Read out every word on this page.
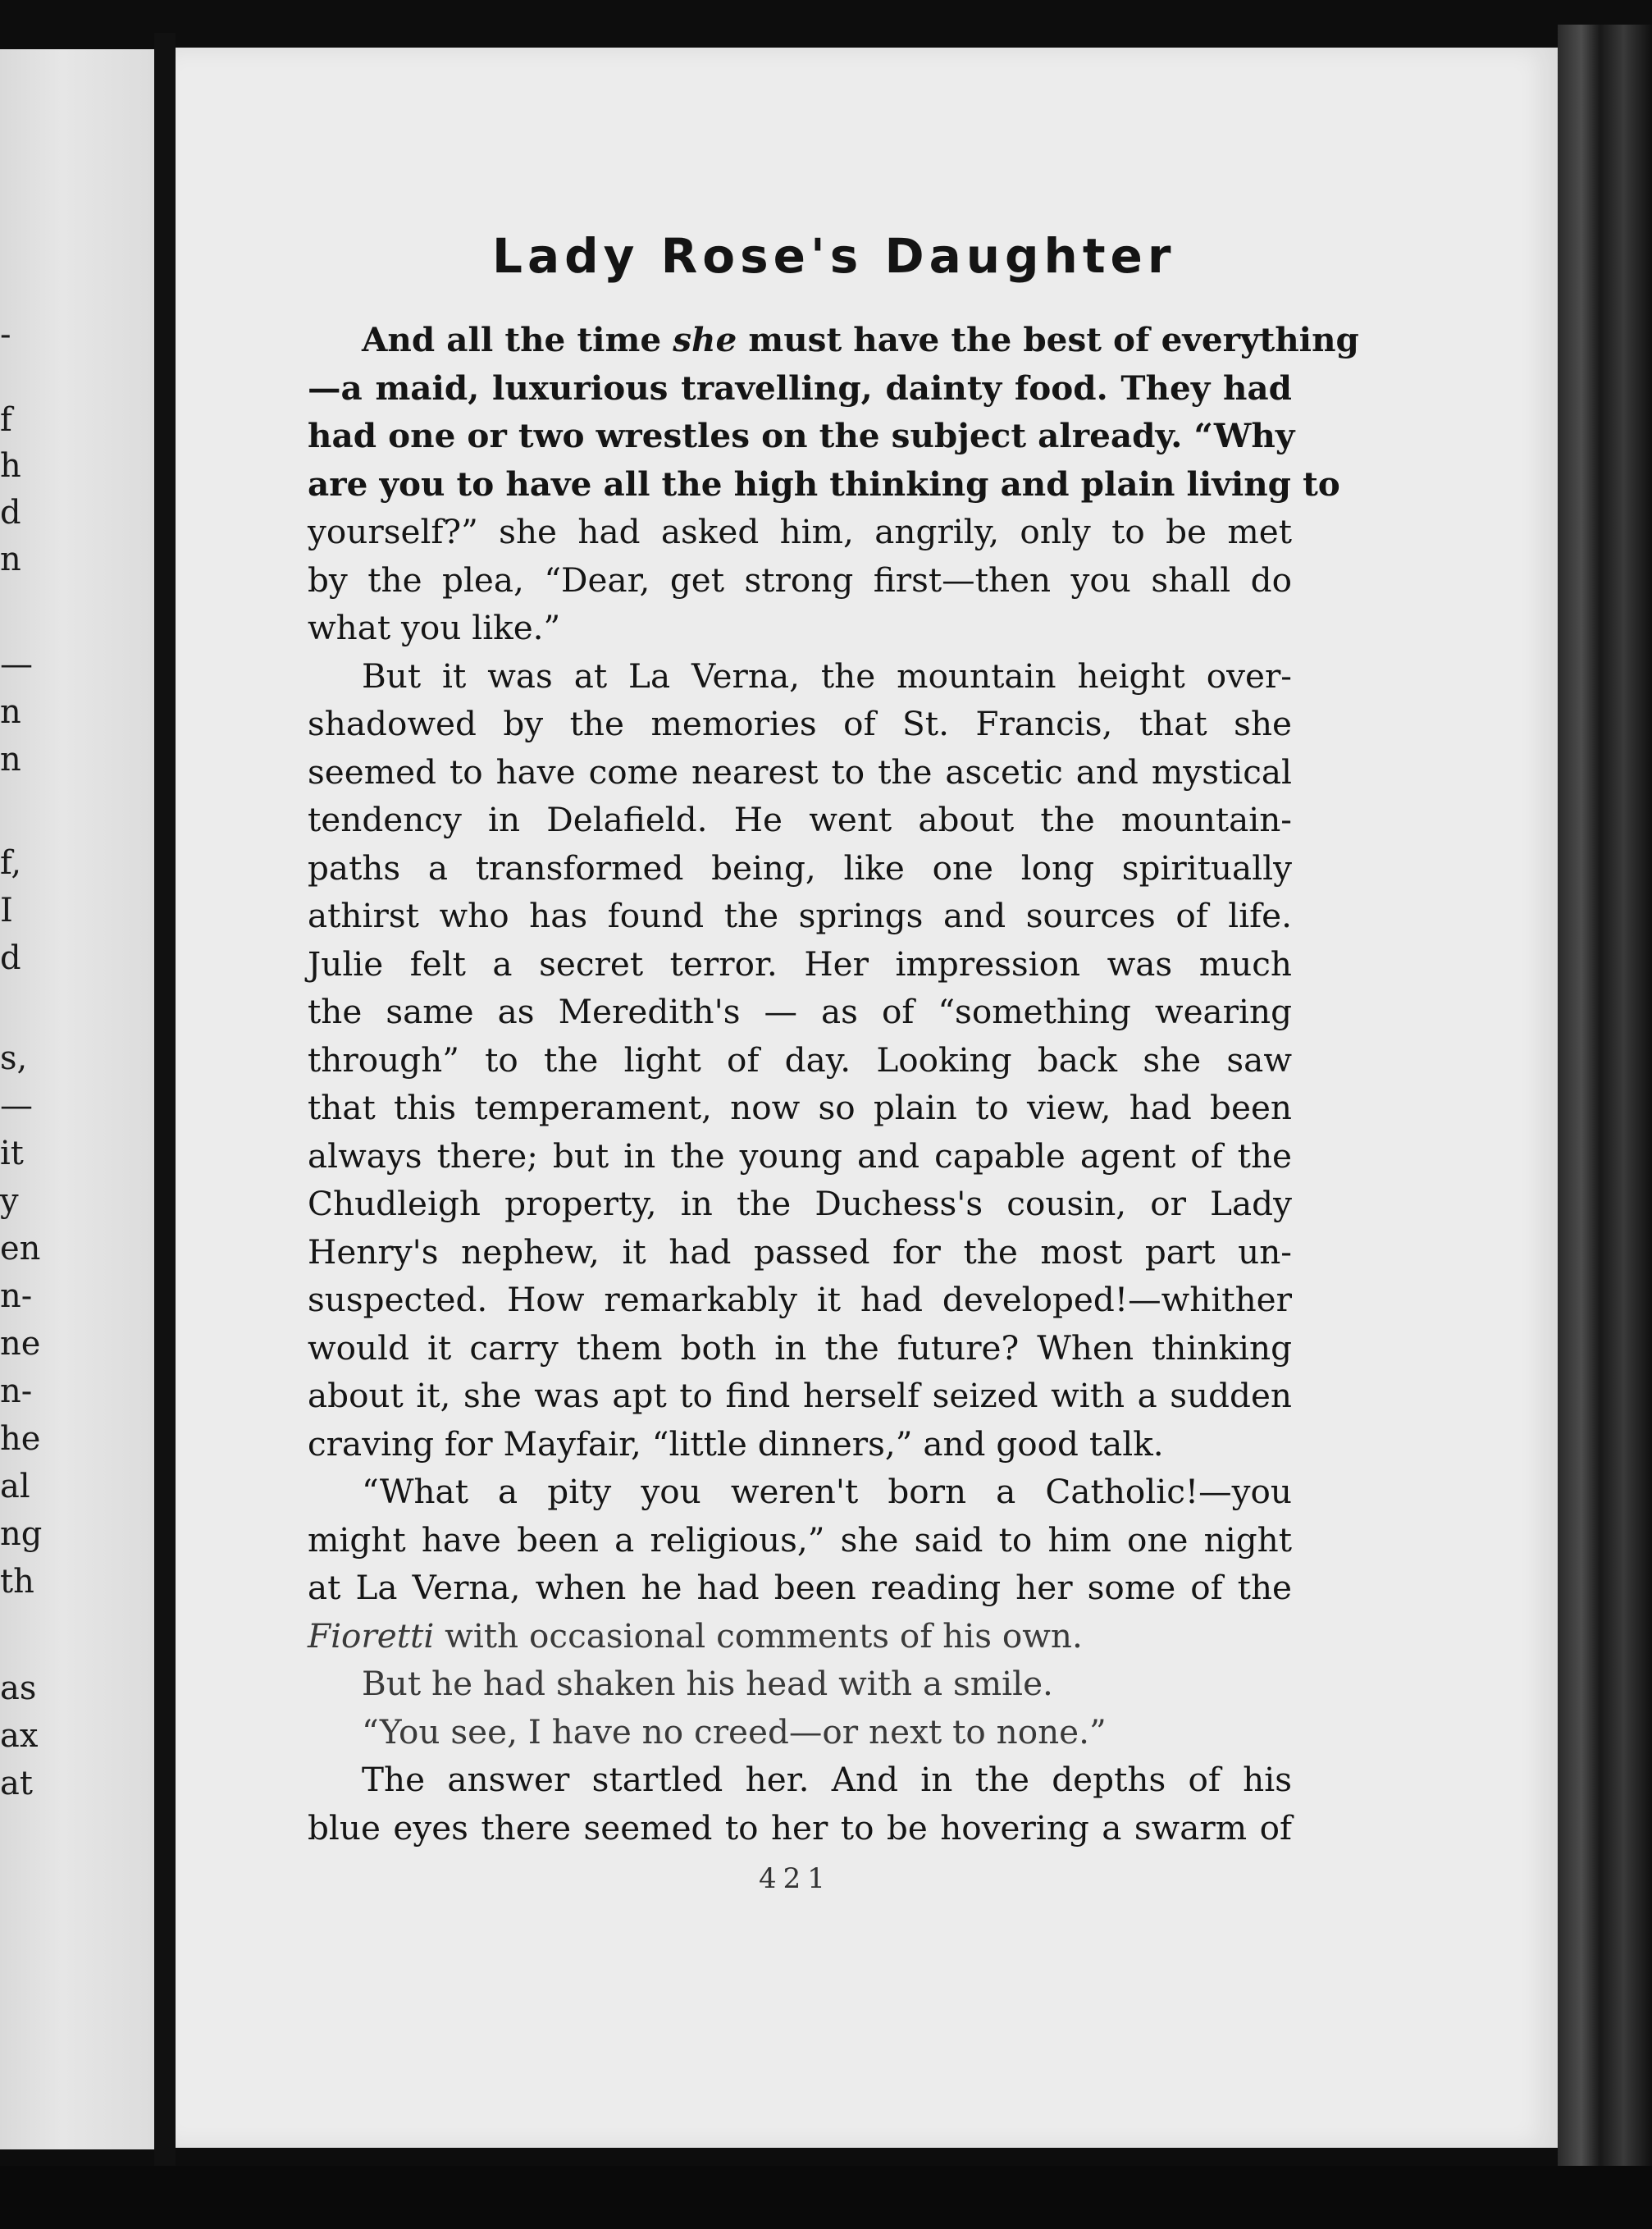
-
f
h
d
n
—
n
n
f,
I
d
s,
—
it
y
en
n-
ne
n-
he
al
ng
th
as
ax
at
Lady Rose's Daughter
And all the time she must have the best of everything
—a maid, luxurious travelling, dainty food. They had
had one or two wrestles on the subject already. “Why
are you to have all the high thinking and plain living to
yourself?” she had asked him, angrily, only to be met
by the plea, “Dear, get strong first—then you shall do
what you like.”
But it was at La Verna, the mountain height over-
shadowed by the memories of St. Francis, that she
seemed to have come nearest to the ascetic and mystical
tendency in Delafield. He went about the mountain-
paths a transformed being, like one long spiritually
athirst who has found the springs and sources of life.
Julie felt a secret terror. Her impression was much
the same as Meredith's — as of “something wearing
through” to the light of day. Looking back she saw
that this temperament, now so plain to view, had been
always there; but in the young and capable agent of the
Chudleigh property, in the Duchess's cousin, or Lady
Henry's nephew, it had passed for the most part un-
suspected. How remarkably it had developed!—whither
would it carry them both in the future? When thinking
about it, she was apt to find herself seized with a sudden
craving for Mayfair, “little dinners,” and good talk.
“What a pity you weren't born a Catholic!—you
might have been a religious,” she said to him one night
at La Verna, when he had been reading her some of the
Fioretti with occasional comments of his own.
But he had shaken his head with a smile.
“You see, I have no creed—or next to none.”
The answer startled her. And in the depths of his
blue eyes there seemed to her to be hovering a swarm of
421
